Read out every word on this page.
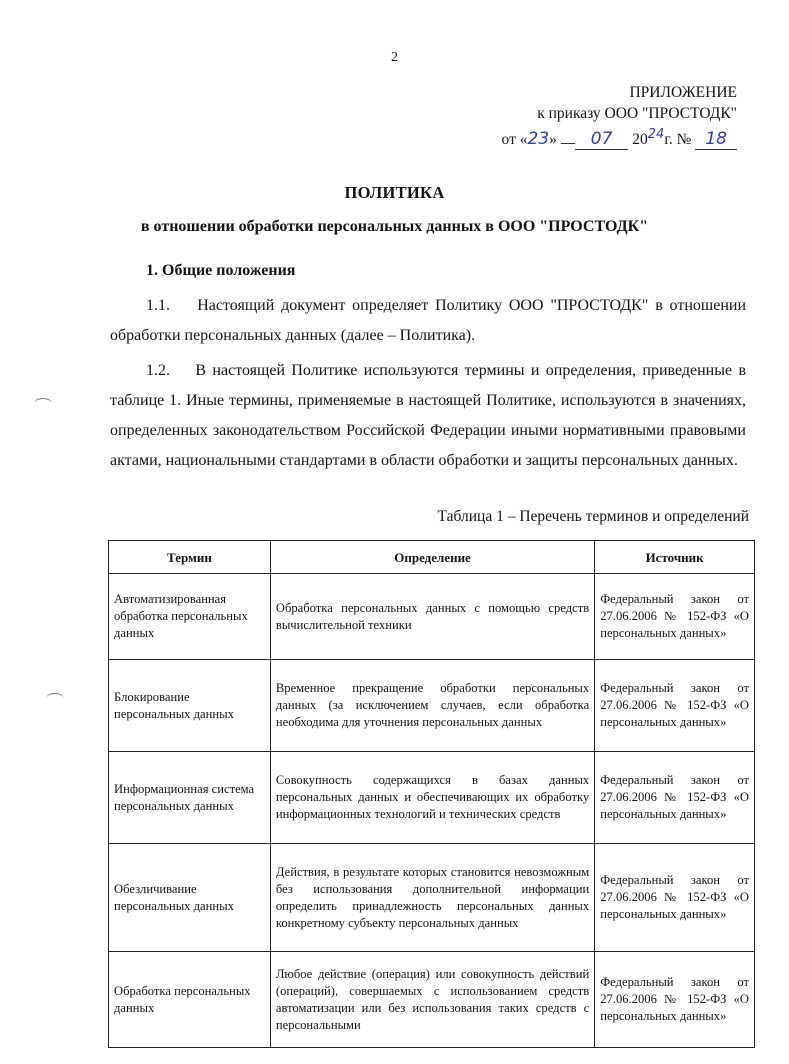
2
ПРИЛОЖЕНИЕ
к приказу ООО "ПРОСТОДК"
от «23» 07 $20^{24}г$. № 18
ПОЛИТИКА
в отношении обработки персональных данных в ООО "ПРОСТОДК"
1. Общие положения
1.1. Настоящий документ определяет Политику ООО "ПРОСТОДК" в отношении обработки персональных данных (далее – Политика).
1.2. В настоящей Политике используются термины и определения, приведенные в таблице 1. Иные термины, применяемые в настоящей Политике, используются в значениях, определенных законодательством Российской Федерации иными нормативными правовыми актами, национальными стандартами в области обработки и защиты персональных данных.
Таблица 1 – Перечень терминов и определений
Термин	Определение	Источник
Автоматизированная обработка персональных данных	Обработка персональных данных с помощью средств вычислительной техники	Федеральный закон от 27.06.2006 № 152-ФЗ «О персональных данных»
Блокирование персональных данных	Временное прекращение обработки персональных данных (за исключением случаев, если обработка необходима для уточнения персональных данных	Федеральный закон от 27.06.2006 № 152-ФЗ «О персональных данных»
Информационная система персональных данных	Совокупность содержащихся в базах данных персональных данных и обеспечивающих их обработку информационных технологий и технических средств	Федеральный закон от 27.06.2006 № 152-ФЗ «О персональных данных»
Обезличивание персональных данных	Действия, в результате которых становится невозможным без использования дополнительной информации определить принадлежность персональных данных конкретному субъекту персональных данных	Федеральный закон от 27.06.2006 № 152-ФЗ «О персональных данных»
Обработка персональных данных	Любое действие (операция) или совокупность действий (операций), совершаемых с использованием средств автоматизации или без использования таких средств с персональными	Федеральный закон от 27.06.2006 № 152-ФЗ «О персональных данных»
